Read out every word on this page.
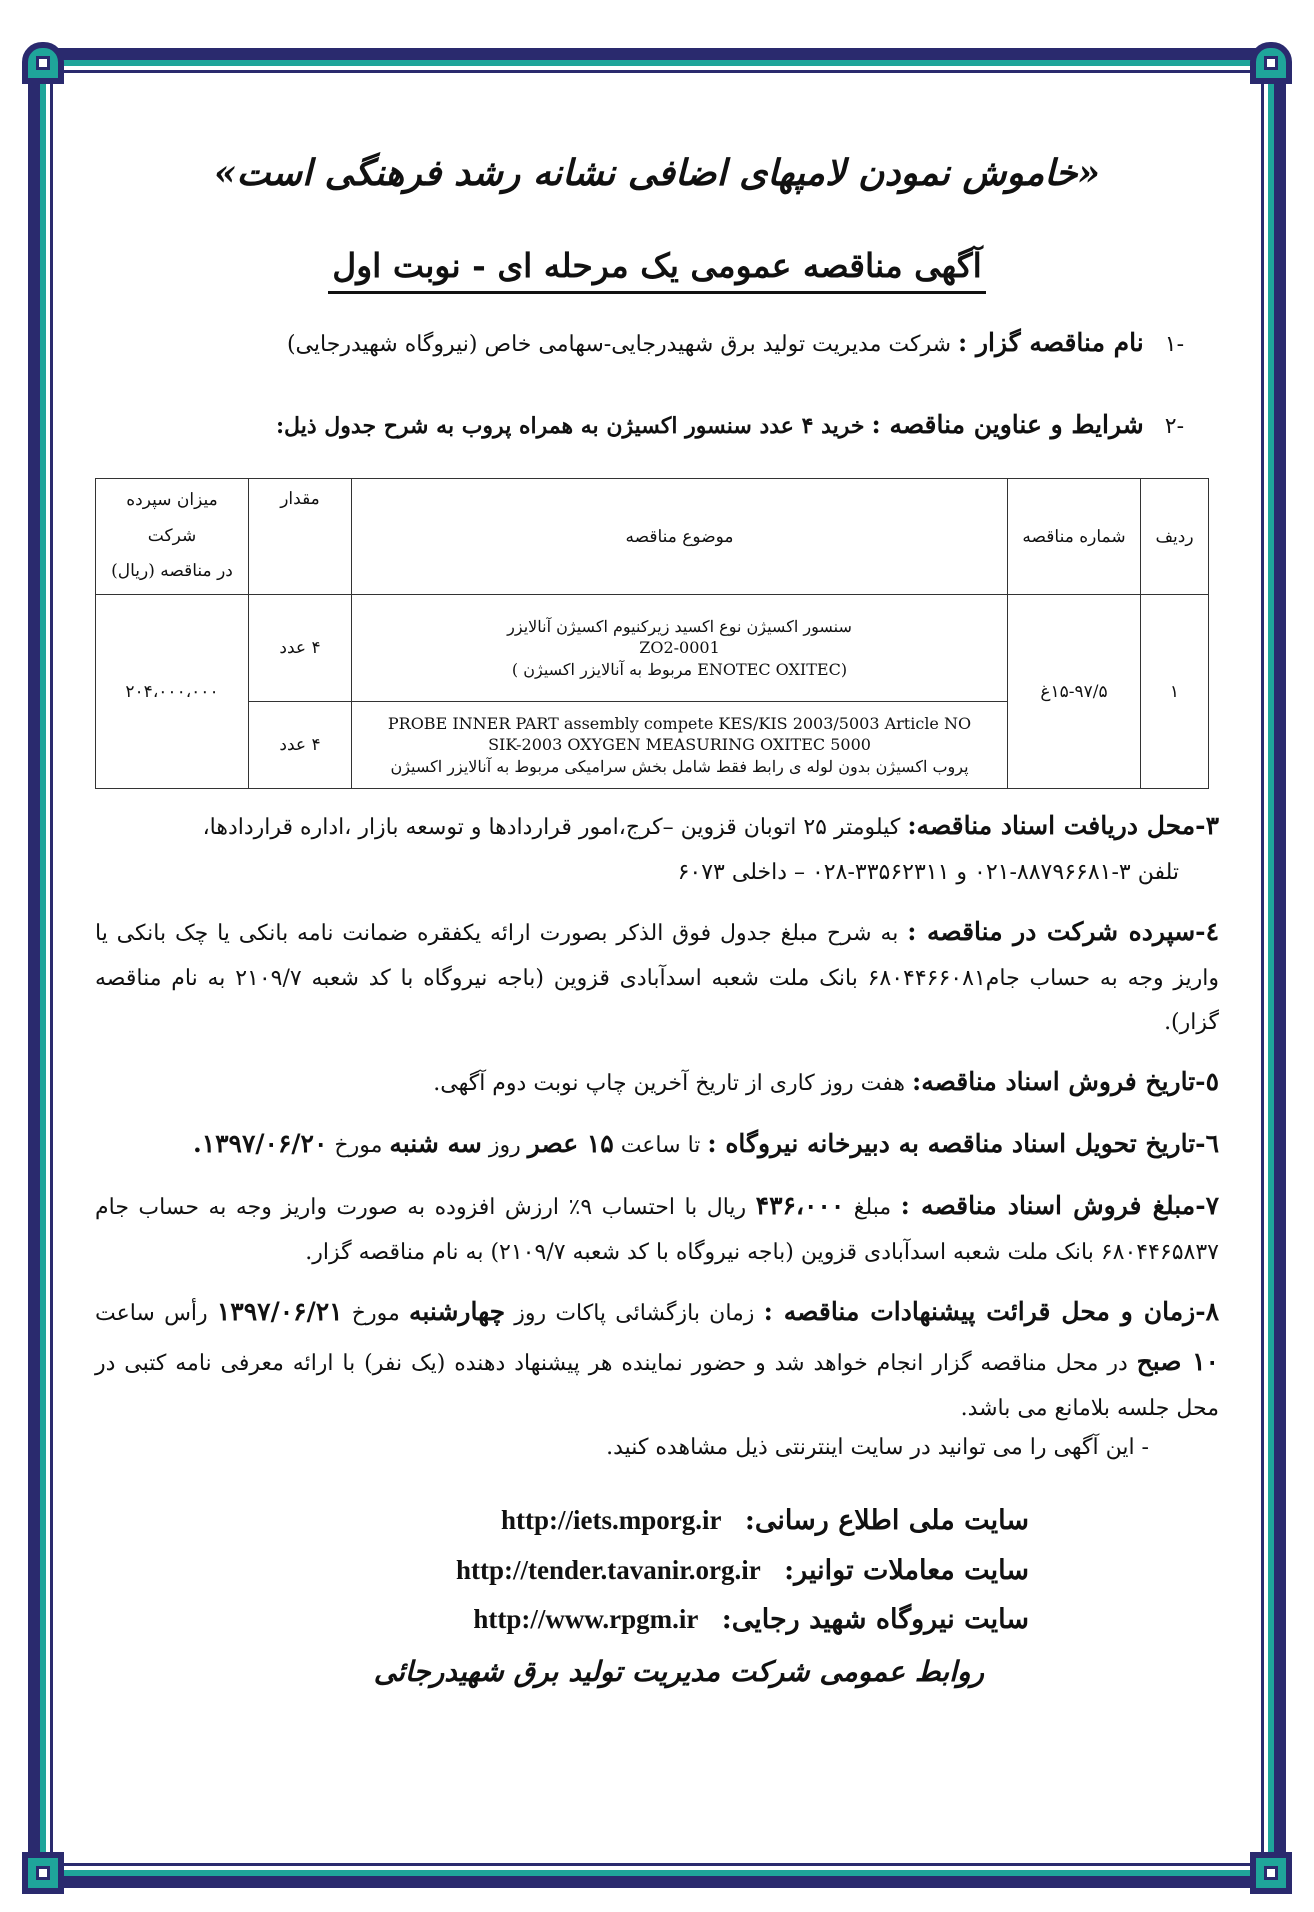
«خاموش نمودن لامپهای اضافی نشانه رشد فرهنگی است»
آگهی مناقصه عمومی یک مرحله ای - نوبت اول
-۱ نام مناقصه گزار : شرکت مدیریت تولید برق شهیدرجایی-سهامی خاص (نیروگاه شهیدرجایی)
-۲ شرایط و عناوین مناقصه : خرید ۴ عدد سنسور اکسیژن به همراه پروب به شرح جدول ذیل:
ردیف	شماره مناقصه	موضوع مناقصه	مقدار	میزان سپرده شرکت
در مناقصه (ریال)

۱	۱۵-۹۷/۵غ	سنسور اکسیژن نوع اکسید زیرکنیوم اکسیژن آنالایزر
ZO2-0001
(ENOTEC OXITEC مربوط به آنالایزر اکسیژن )	۴ عدد	۲۰۴،۰۰۰،۰۰۰

		PROBE INNER PART assembly compete KES/KIS 2003/5003 Article NO
SIK-2003 OXYGEN MEASURING OXITEC 5000
پروب اکسیژن بدون لوله ی رابط فقط شامل بخش سرامیکی مربوط به آنالایزر اکسیژن	۴ عدد	
۳-محل دریافت اسناد مناقصه: کیلومتر ۲۵ اتوبان قزوین –کرج،امور قراردادها و توسعه بازار ،اداره قراردادها،
تلفن ۳-۸۸۷۹۶۶۸۱-۰۲۱ و ۳۳۵۶۲۳۱۱-۰۲۸ – داخلی ۶۰۷۳
٤-سپرده شرکت در مناقصه : به شرح مبلغ جدول فوق الذکر بصورت ارائه یکفقره ضمانت نامه بانکی یا چک بانکی یا واریز وجه به حساب جام۶۸۰۴۴۶۶۰۸۱ بانک ملت شعبه اسدآبادی قزوین (باجه نیروگاه با کد شعبه ۲۱۰۹/۷ به نام مناقصه گزار).
٥-تاریخ فروش اسناد مناقصه: هفت روز کاری از تاریخ آخرین چاپ نوبت دوم آگهی.
٦-تاریخ تحویل اسناد مناقصه به دبیرخانه نیروگاه : تا ساعت ۱۵ عصر روز سه شنبه مورخ ۱۳۹۷/۰۶/۲۰.
۷-مبلغ فروش اسناد مناقصه : مبلغ ۴۳۶،۰۰۰ ریال با احتساب ۹٪ ارزش افزوده به صورت واریز وجه به حساب جام ۶۸۰۴۴۶۵۸۳۷ بانک ملت شعبه اسدآبادی قزوین (باجه نیروگاه با کد شعبه ۲۱۰۹/۷) به نام مناقصه گزار.
۸-زمان و محل قرائت پیشنهادات مناقصه : زمان بازگشائی پاکات روز چهارشنبه مورخ ۱۳۹۷/۰۶/۲۱ رأس ساعت ۱۰ صبح در محل مناقصه گزار انجام خواهد شد و حضور نماینده هر پیشنهاد دهنده (یک نفر) با ارائه معرفی نامه کتبی در محل جلسه بلامانع می باشد.
- این آگهی را می توانید در سایت اینترنتی ذیل مشاهده کنید.
سایت ملی اطلاع رسانی: http://iets.mporg.ir
سایت معاملات توانیر: http://tender.tavanir.org.ir
سایت نیروگاه شهید رجایی: http://www.rpgm.ir
روابط عمومی شرکت مدیریت تولید برق شهیدرجائی
